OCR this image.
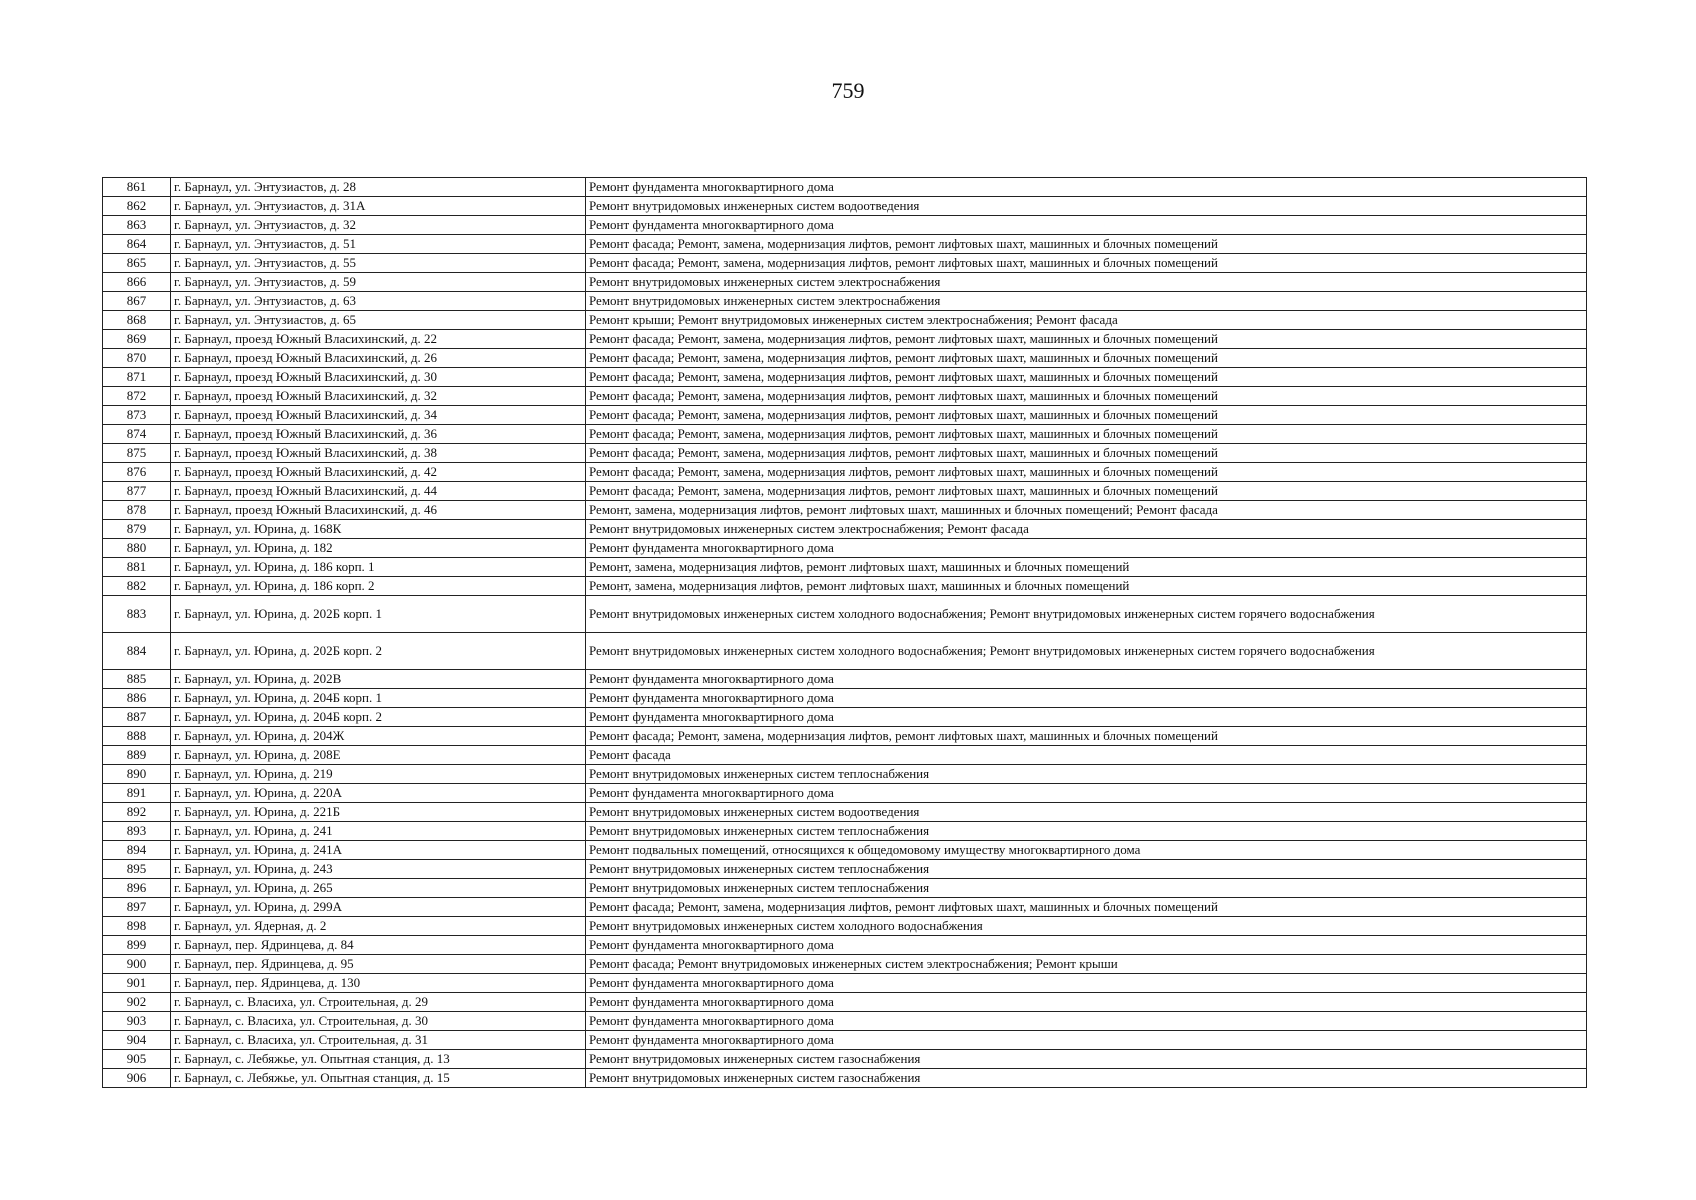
759
861	г. Барнаул, ул. Энтузиастов, д. 28	Ремонт фундамента многоквартирного дома
862	г. Барнаул, ул. Энтузиастов, д. 31А	Ремонт внутридомовых инженерных систем водоотведения
863	г. Барнаул, ул. Энтузиастов, д. 32	Ремонт фундамента многоквартирного дома
864	г. Барнаул, ул. Энтузиастов, д. 51	Ремонт фасада; Ремонт, замена, модернизация лифтов, ремонт лифтовых шахт, машинных и блочных помещений
865	г. Барнаул, ул. Энтузиастов, д. 55	Ремонт фасада; Ремонт, замена, модернизация лифтов, ремонт лифтовых шахт, машинных и блочных помещений
866	г. Барнаул, ул. Энтузиастов, д. 59	Ремонт внутридомовых инженерных систем электроснабжения
867	г. Барнаул, ул. Энтузиастов, д. 63	Ремонт внутридомовых инженерных систем электроснабжения
868	г. Барнаул, ул. Энтузиастов, д. 65	Ремонт крыши; Ремонт внутридомовых инженерных систем электроснабжения; Ремонт фасада
869	г. Барнаул, проезд Южный Власихинский, д. 22	Ремонт фасада; Ремонт, замена, модернизация лифтов, ремонт лифтовых шахт, машинных и блочных помещений
870	г. Барнаул, проезд Южный Власихинский, д. 26	Ремонт фасада; Ремонт, замена, модернизация лифтов, ремонт лифтовых шахт, машинных и блочных помещений
871	г. Барнаул, проезд Южный Власихинский, д. 30	Ремонт фасада; Ремонт, замена, модернизация лифтов, ремонт лифтовых шахт, машинных и блочных помещений
872	г. Барнаул, проезд Южный Власихинский, д. 32	Ремонт фасада; Ремонт, замена, модернизация лифтов, ремонт лифтовых шахт, машинных и блочных помещений
873	г. Барнаул, проезд Южный Власихинский, д. 34	Ремонт фасада; Ремонт, замена, модернизация лифтов, ремонт лифтовых шахт, машинных и блочных помещений
874	г. Барнаул, проезд Южный Власихинский, д. 36	Ремонт фасада; Ремонт, замена, модернизация лифтов, ремонт лифтовых шахт, машинных и блочных помещений
875	г. Барнаул, проезд Южный Власихинский, д. 38	Ремонт фасада; Ремонт, замена, модернизация лифтов, ремонт лифтовых шахт, машинных и блочных помещений
876	г. Барнаул, проезд Южный Власихинский, д. 42	Ремонт фасада; Ремонт, замена, модернизация лифтов, ремонт лифтовых шахт, машинных и блочных помещений
877	г. Барнаул, проезд Южный Власихинский, д. 44	Ремонт фасада; Ремонт, замена, модернизация лифтов, ремонт лифтовых шахт, машинных и блочных помещений
878	г. Барнаул, проезд Южный Власихинский, д. 46	Ремонт, замена, модернизация лифтов, ремонт лифтовых шахт, машинных и блочных помещений; Ремонт фасада
879	г. Барнаул, ул. Юрина, д. 168К	Ремонт внутридомовых инженерных систем электроснабжения; Ремонт фасада
880	г. Барнаул, ул. Юрина, д. 182	Ремонт фундамента многоквартирного дома
881	г. Барнаул, ул. Юрина, д. 186 корп. 1	Ремонт, замена, модернизация лифтов, ремонт лифтовых шахт, машинных и блочных помещений
882	г. Барнаул, ул. Юрина, д. 186 корп. 2	Ремонт, замена, модернизация лифтов, ремонт лифтовых шахт, машинных и блочных помещений
883	г. Барнаул, ул. Юрина, д. 202Б корп. 1	Ремонт внутридомовых инженерных систем холодного водоснабжения; Ремонт внутридомовых инженерных систем горячего водоснабжения
884	г. Барнаул, ул. Юрина, д. 202Б корп. 2	Ремонт внутридомовых инженерных систем холодного водоснабжения; Ремонт внутридомовых инженерных систем горячего водоснабжения
885	г. Барнаул, ул. Юрина, д. 202В	Ремонт фундамента многоквартирного дома
886	г. Барнаул, ул. Юрина, д. 204Б корп. 1	Ремонт фундамента многоквартирного дома
887	г. Барнаул, ул. Юрина, д. 204Б корп. 2	Ремонт фундамента многоквартирного дома
888	г. Барнаул, ул. Юрина, д. 204Ж	Ремонт фасада; Ремонт, замена, модернизация лифтов, ремонт лифтовых шахт, машинных и блочных помещений
889	г. Барнаул, ул. Юрина, д. 208Е	Ремонт фасада
890	г. Барнаул, ул. Юрина, д. 219	Ремонт внутридомовых инженерных систем теплоснабжения
891	г. Барнаул, ул. Юрина, д. 220А	Ремонт фундамента многоквартирного дома
892	г. Барнаул, ул. Юрина, д. 221Б	Ремонт внутридомовых инженерных систем водоотведения
893	г. Барнаул, ул. Юрина, д. 241	Ремонт внутридомовых инженерных систем теплоснабжения
894	г. Барнаул, ул. Юрина, д. 241А	Ремонт подвальных помещений, относящихся к общедомовому имуществу многоквартирного дома
895	г. Барнаул, ул. Юрина, д. 243	Ремонт внутридомовых инженерных систем теплоснабжения
896	г. Барнаул, ул. Юрина, д. 265	Ремонт внутридомовых инженерных систем теплоснабжения
897	г. Барнаул, ул. Юрина, д. 299А	Ремонт фасада; Ремонт, замена, модернизация лифтов, ремонт лифтовых шахт, машинных и блочных помещений
898	г. Барнаул, ул. Ядерная, д. 2	Ремонт внутридомовых инженерных систем холодного водоснабжения
899	г. Барнаул, пер. Ядринцева, д. 84	Ремонт фундамента многоквартирного дома
900	г. Барнаул, пер. Ядринцева, д. 95	Ремонт фасада; Ремонт внутридомовых инженерных систем электроснабжения; Ремонт крыши
901	г. Барнаул, пер. Ядринцева, д. 130	Ремонт фундамента многоквартирного дома
902	г. Барнаул, с. Власиха, ул. Строительная, д. 29	Ремонт фундамента многоквартирного дома
903	г. Барнаул, с. Власиха, ул. Строительная, д. 30	Ремонт фундамента многоквартирного дома
904	г. Барнаул, с. Власиха, ул. Строительная, д. 31	Ремонт фундамента многоквартирного дома
905	г. Барнаул, с. Лебяжье, ул. Опытная станция, д. 13	Ремонт внутридомовых инженерных систем газоснабжения
906	г. Барнаул, с. Лебяжье, ул. Опытная станция, д. 15	Ремонт внутридомовых инженерных систем газоснабжения
